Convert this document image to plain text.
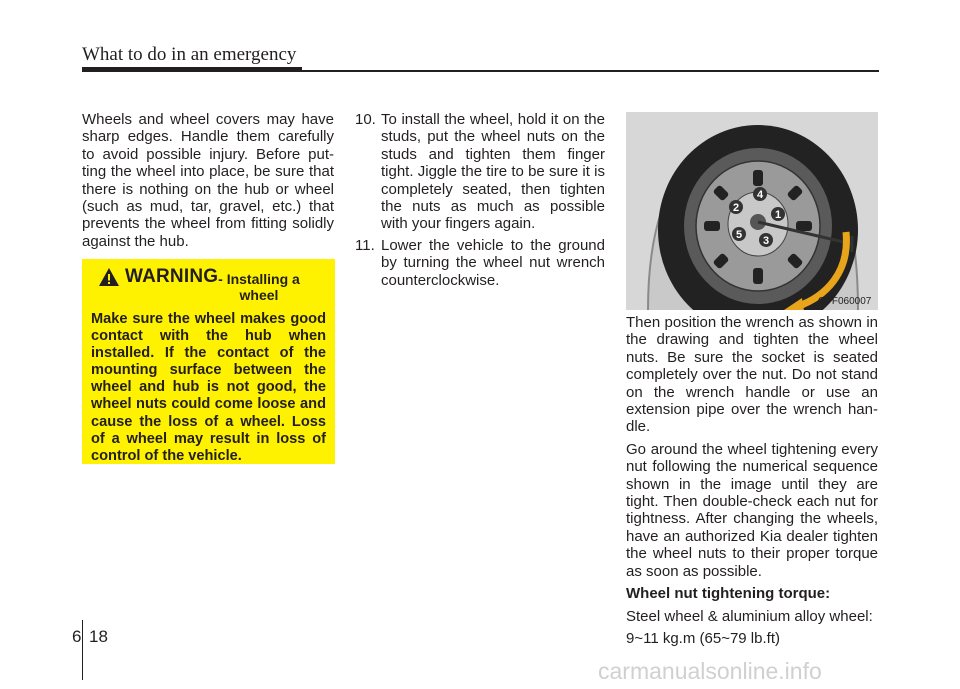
What to do in an emergency
Wheels and wheel covers may have sharp edges. Handle them carefully to avoid possible injury. Before put-ting the wheel into place, be sure that there is nothing on the hub or wheel (such as mud, tar, gravel, etc.) that prevents the wheel from fitting solidly against the hub.
WARNING - Installing a wheel
Make sure the wheel makes good contact with the hub when installed. If the contact of the mounting surface between the wheel and hub is not good, the wheel nuts could come loose and cause the loss of a wheel. Loss of a wheel may result in loss of control of the vehicle.
10. To install the wheel, hold it on the studs, put the wheel nuts on the studs and tighten them finger tight. Jiggle the tire to be sure it is completely seated, then tighten the nuts as much as possible with your fingers again.
11. Lower the vehicle to the ground by turning the wheel nut wrench counterclockwise.
1
2
3
4
5
OTF060007

Then position the wrench as shown in the drawing and tighten the wheel nuts. Be sure the socket is seated completely over the nut. Do not stand on the wrench handle or use an extension pipe over the wrench han-dle.

Go around the wheel tightening every nut following the numerical sequence shown in the image until they are tight. Then double-check each nut for tightness. After changing the wheels, have an authorized Kia dealer tighten the wheel nuts to their proper torque as soon as possible.

Wheel nut tightening torque:

Steel wheel & aluminium alloy wheel:

9~11 kg.m (65~79 lb.ft)

6 18
carmanualsonline.info
